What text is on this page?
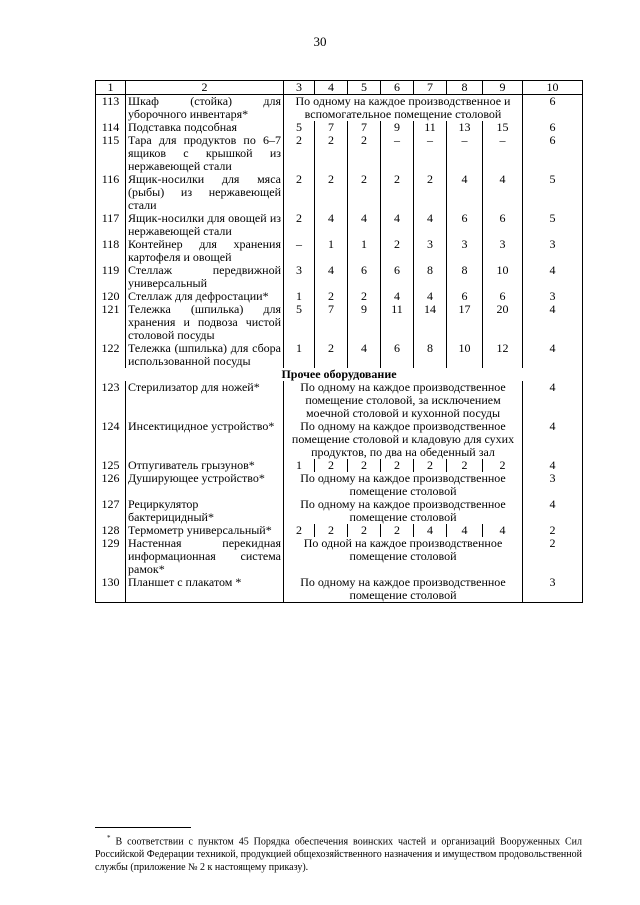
30
1	2	3	4	5	6	7	8	9	10
113	Шкаф (стойка) для уборочного инвентаря*	По одному на каждое производственное и вспомогательное помещение столовой							6
114	Подставка подсобная	5	7	7	9	11	13	15	6
115	Тара для продуктов по 6–7 ящиков с крышкой из нержавеющей стали	2	2	2	–	–	–	–	6
116	Ящик-носилки для мяса (рыбы) из нержавеющей стали	2	2	2	2	2	4	4	5
117	Ящик-носилки для овощей из нержавеющей стали	2	4	4	4	4	6	6	5
118	Контейнер для хранения картофеля и овощей	–	1	1	2	3	3	3	3
119	Стеллаж передвижной универсальный	3	4	6	6	8	8	10	4
120	Стеллаж для дефростации*	1	2	2	4	4	6	6	3
121	Тележка (шпилька) для хранения и подвоза чистой столовой посуды	5	7	9	11	14	17	20	4
122	Тележка (шпилька) для сбора использованной посуды	1	2	4	6	8	10	12	4
Прочее оборудование									
123	Стерилизатор для ножей*	По одному на каждое производственное помещение столовой, за исключением моечной столовой и кухонной посуды							4
124	Инсектицидное устройство*	По одному на каждое производственное помещение столовой и кладовую для сухих продуктов, по два на обеденный зал							4
125	Отпугиватель грызунов*	1	2	2	2	2	2	2	4
126	Душирующее устройство*	По одному на каждое производственное помещение столовой							3
127	Рециркулятор бактерицидный*	По одному на каждое производственное помещение столовой							4
128	Термометр универсальный*	2	2	2	2	4	4	4	2
129	Настенная перекидная информационная система рамок*	По одной на каждое производственное помещение столовой							2
130	Планшет с плакатом *	По одному на каждое производственное помещение столовой							3
* В соответствии с пунктом 45 Порядка обеспечения воинских частей и организаций Вооруженных Сил Российской Федерации техникой, продукцией общехозяйственного назначения и имуществом продовольственной службы (приложение № 2 к настоящему приказу).
